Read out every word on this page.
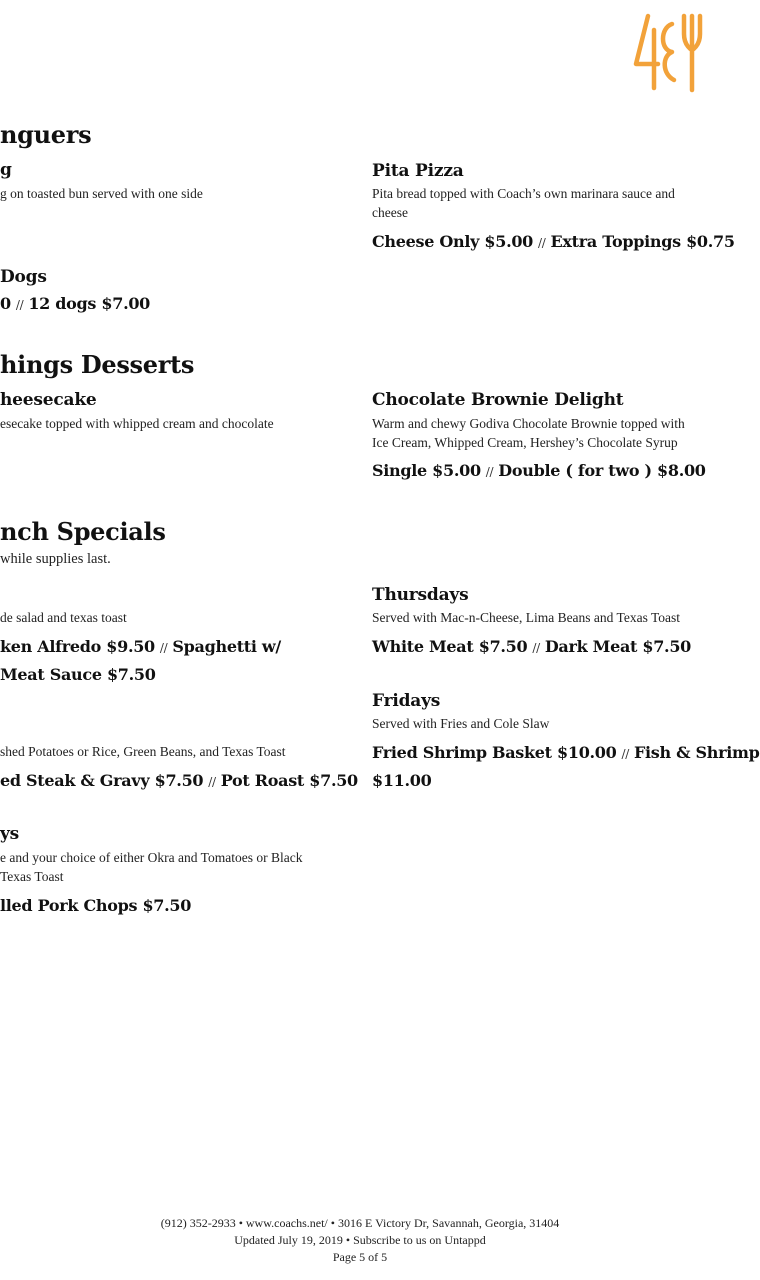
nguers
g
g on toasted bun served with one side
Pita Pizza
Pita bread topped with Coach’s own marinara sauce and
cheese
Cheese Only $5.00 // Extra Toppings $0.75
Dogs
0 // 12 dogs $7.00
hings Desserts
heesecake
esecake topped with whipped cream and chocolate
Chocolate Brownie Delight
Warm and chewy Godiva Chocolate Brownie topped with
Ice Cream, Whipped Cream, Hershey’s Chocolate Syrup
Single $5.00 // Double ( for two ) $8.00
nch Specials
while supplies last.
de salad and texas toast
ken Alfredo $9.50 // Spaghetti w/
Meat Sauce $7.50
Thursdays
Served with Mac-n-Cheese, Lima Beans and Texas Toast
White Meat $7.50 // Dark Meat $7.50
shed Potatoes or Rice, Green Beans, and Texas Toast
ed Steak & Gravy $7.50 // Pot Roast $7.50
Fridays
Served with Fries and Cole Slaw
Fried Shrimp Basket $10.00 // Fish & Shrimp
$11.00
ys
e and your choice of either Okra and Tomatoes or Black
Texas Toast
lled Pork Chops $7.50
(912) 352-2933 • www.coachs.net/ • 3016 E Victory Dr, Savannah, Georgia, 31404
Updated July 19, 2019 • Subscribe to us on Untappd
Page 5 of 5
